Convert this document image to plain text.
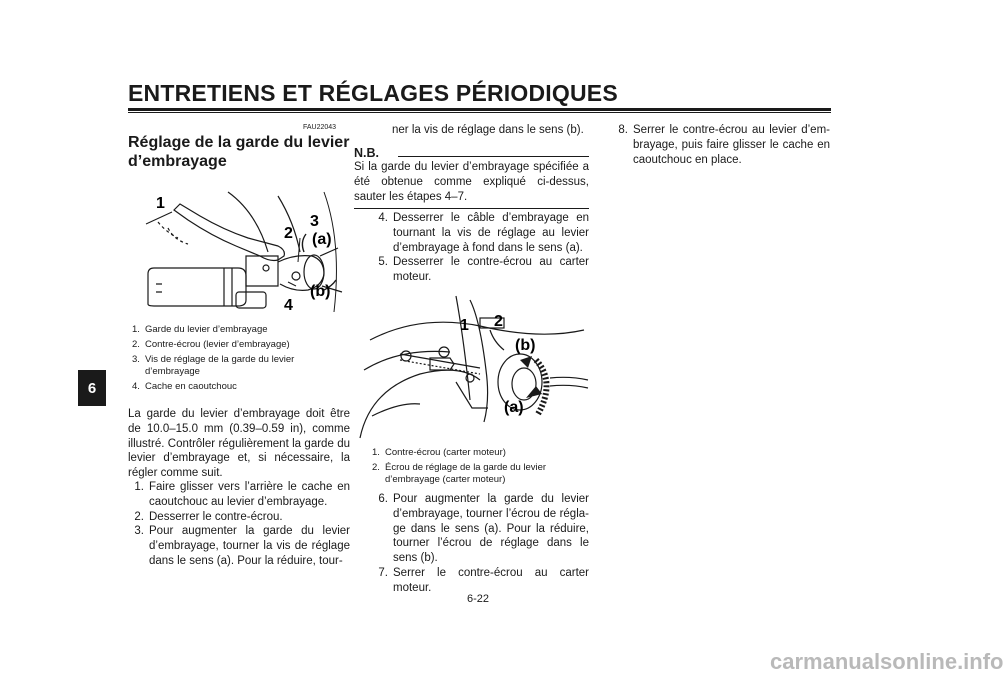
ENTRETIENS ET RÉGLAGES PÉRIODIQUES
6
FAU22043
Réglage de la garde du levier d’embrayage
1
2
3
4
(a)
(b)
1. Garde du levier d’embrayage
2. Contre-écrou (levier d’embrayage)
3. Vis de réglage de la garde du levier d’embrayage
4. Cache en caoutchouc
La garde du levier d’embrayage doit être de 10.0–15.0 mm (0.39–0.59 in), comme illustré. Contrôler régulièrement la garde du levier d’embrayage et, si nécessaire, la régler comme suit.
1. Faire glisser vers l’arrière le cache en caoutchouc au levier d’embrayage.
2. Desserrer le contre-écrou.
3. Pour augmenter la garde du levier d’embrayage, tourner la vis de réglage dans le sens (a). Pour la réduire, tour-
ner la vis de réglage dans le sens (b).
N.B.
Si la garde du levier d’embrayage spécifiée a été obtenue comme expliqué ci-dessus, sauter les étapes 4–7.
4. Desserrer le câble d’embrayage en tournant la vis de réglage au levier d’embrayage à fond dans le sens (a).
5. Desserrer le contre-écrou au carter moteur.
1 2
(b)
(a)
1. Contre-écrou (carter moteur)
2. Écrou de réglage de la garde du levier d’embrayage (carter moteur)
6. Pour augmenter la garde du levier d’embrayage, tourner l’écrou de réglage dans le sens (a). Pour la réduire, tourner l’écrou de réglage dans le sens (b).
7. Serrer le contre-écrou au carter moteur.
8. Serrer le contre-écrou au levier d’embrayage, puis faire glisser le cache en caoutchouc en place.
6-22
carmanualsonline.info
